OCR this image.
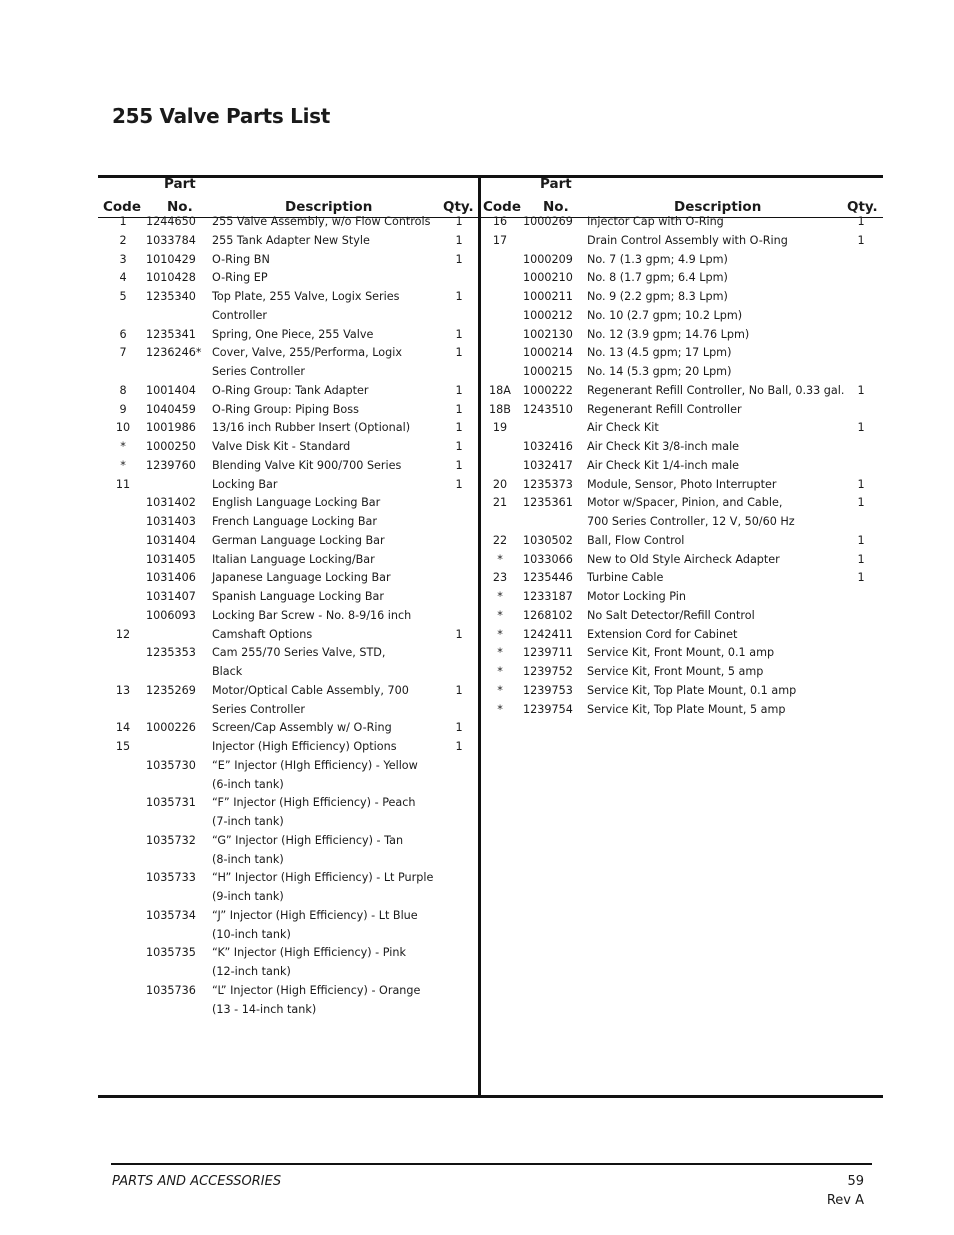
255 Valve Parts List
Code
Part
No.	Description	Qty. Code
Part
No.	Description	Qty.
1	1244650 255 Valve Assembly, w/o Flow Controls	1
2	1033784 255 Tank Adapter New Style	1
3	1010429 O-Ring BN	1
4	1010428 O-Ring EP
5	1235340 Top Plate, 255 Valve, Logix Series	1
Controller
6	1235341 Spring, One Piece, 255 Valve	1
7	1236246* Cover, Valve, 255/Performa, Logix	1
Series Controller
8	1001404 O-Ring Group: Tank Adapter	1
9	1040459 O-Ring Group: Piping Boss	1
10	1001986 13/16 inch Rubber Insert (Optional)	1
*	1000250 Valve Disk Kit - Standard	1
*	1239760 Blending Valve Kit 900/700 Series	1
11	Locking Bar	1
1031402 English Language Locking Bar
1031403 French Language Locking Bar
1031404 German Language Locking Bar
1031405 Italian Language Locking/Bar
1031406 Japanese Language Locking Bar
1031407 Spanish Language Locking Bar
1006093 Locking Bar Screw - No. 8-9/16 inch
12	Camshaft Options	1
1235353 Cam 255/70 Series Valve, STD,
Black
13	1235269 Motor/Optical Cable Assembly, 700	1
Series Controller
14	1000226 Screen/Cap Assembly w/ O-Ring	1
15	Injector (High Efficiency) Options	1
1035730 “E” Injector (HIgh Efficiency) - Yellow
(6-inch tank)
1035731 “F” Injector (High Efficiency) - Peach
(7-inch tank)
1035732 “G” Injector (High Efficiency) - Tan
(8-inch tank)
1035733 “H” Injector (High Efficiency) - Lt Purple
(9-inch tank)
1035734 “J” Injector (High Efficiency) - Lt Blue
(10-inch tank)
1035735 “K” Injector (High Efficiency) - Pink
(12-inch tank)
1035736 “L” Injector (High Efficiency) - Orange
(13 - 14-inch tank)
16	1000269 Injector Cap with O-Ring	1
17	Drain Control Assembly with O-Ring	1
1000209 No. 7 (1.3 gpm; 4.9 Lpm)
1000210 No. 8 (1.7 gpm; 6.4 Lpm)
1000211 No. 9 (2.2 gpm; 8.3 Lpm)
1000212 No. 10 (2.7 gpm; 10.2 Lpm)
1002130 No. 12 (3.9 gpm; 14.76 Lpm)
1000214 No. 13 (4.5 gpm; 17 Lpm)
1000215 No. 14 (5.3 gpm; 20 Lpm)
18A	1000222 Regenerant Refill Controller, No Ball, 0.33 gal.	1
18B	1243510 Regenerant Refill Controller
19	Air Check Kit	1
1032416 Air Check Kit 3/8-inch male
1032417 Air Check Kit 1/4-inch male
20	1235373 Module, Sensor, Photo Interrupter	1
21	1235361 Motor w/Spacer, Pinion, and Cable,	1
700 Series Controller, 12 V, 50/60 Hz
22	1030502 Ball, Flow Control	1
*	1033066 New to Old Style Aircheck Adapter	1
23	1235446 Turbine Cable	1
*	1233187 Motor Locking Pin
*	1268102 No Salt Detector/Refill Control
*	1242411 Extension Cord for Cabinet
*	1239711 Service Kit, Front Mount, 0.1 amp
*	1239752 Service Kit, Front Mount, 5 amp
*	1239753 Service Kit, Top Plate Mount, 0.1 amp
*	1239754 Service Kit, Top Plate Mount, 5 amp
PARTS AND ACCESSORIES	59
Rev A
